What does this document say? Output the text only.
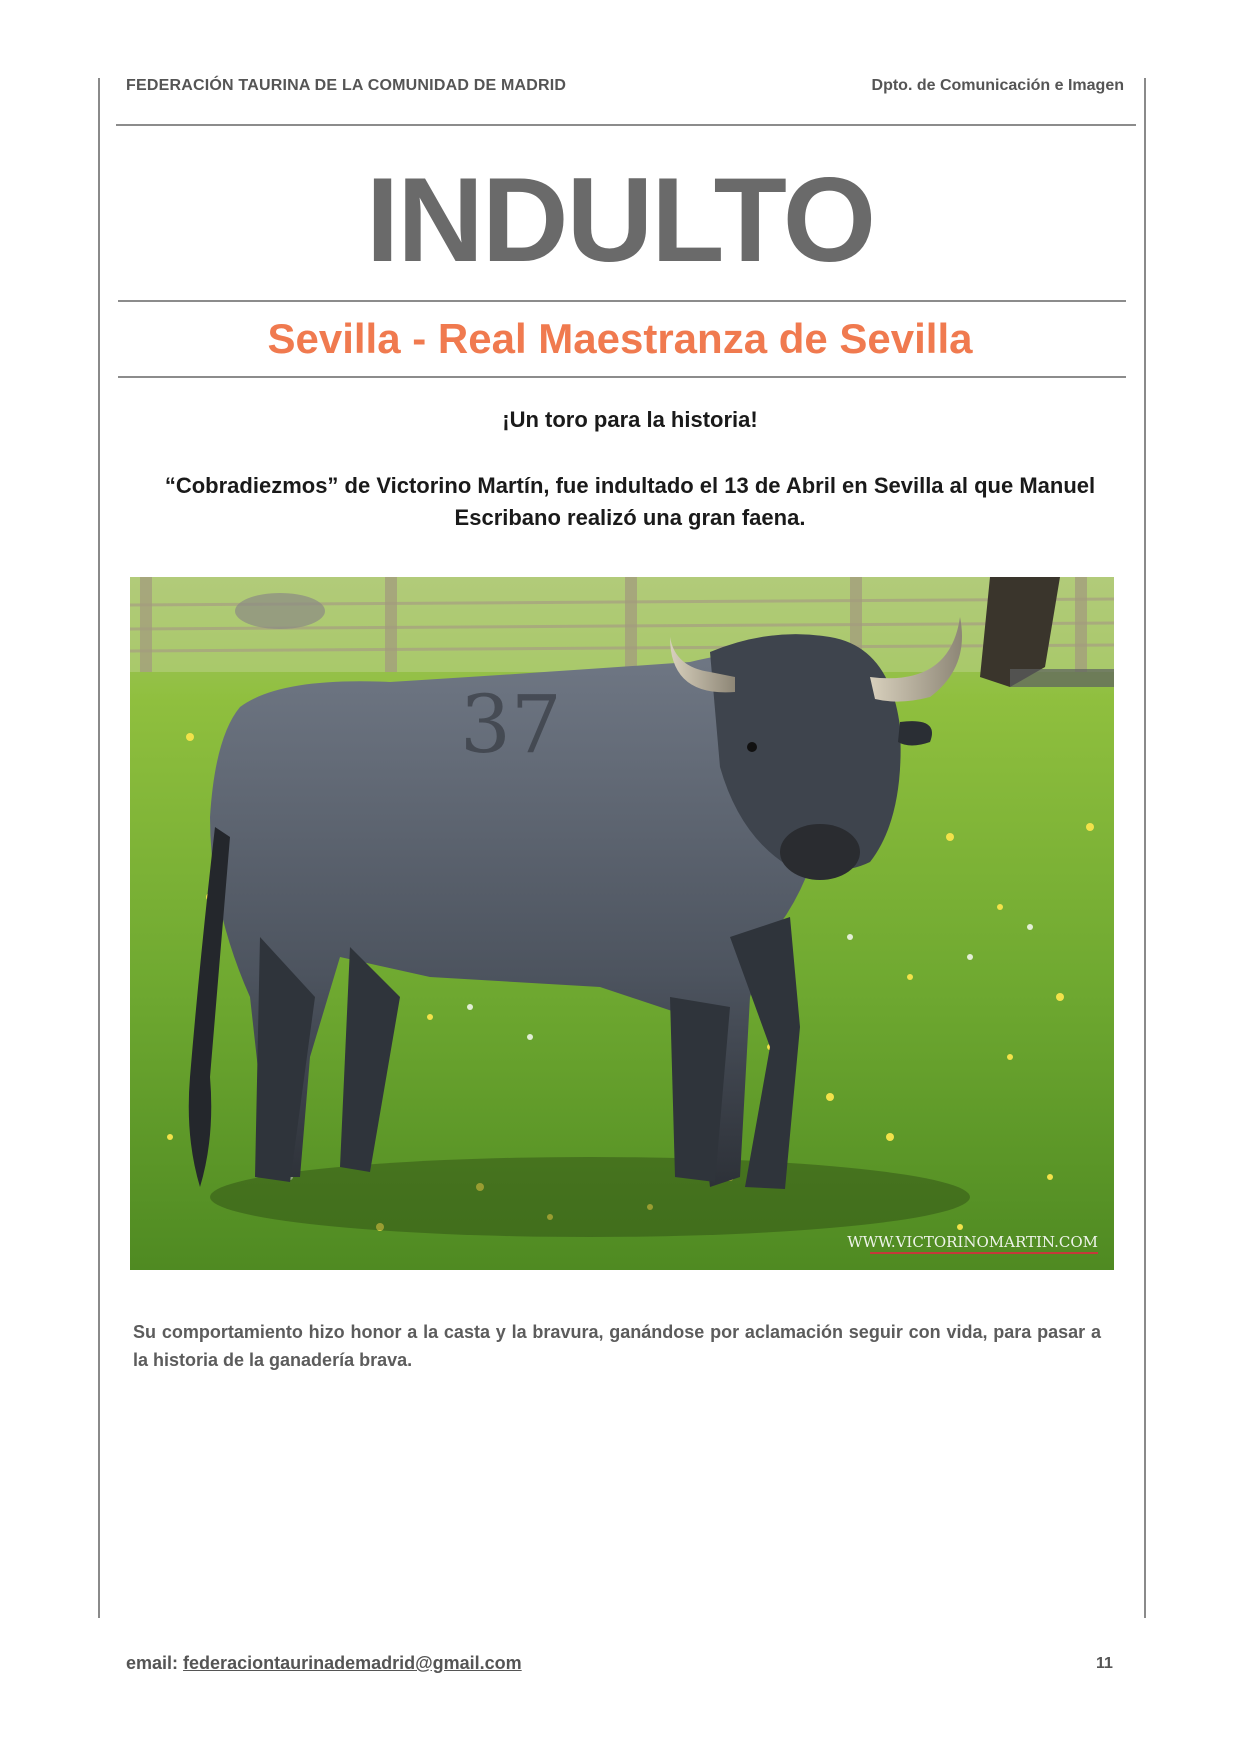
FEDERACIÓN TAURINA DE LA COMUNIDAD DE MADRID	Dpto. de Comunicación e Imagen
INDULTO
Sevilla - Real Maestranza de Sevilla
¡Un toro para la historia!
“Cobradiezmos” de Victorino Martín, fue indultado el 13 de Abril en Sevilla al que Manuel Escribano realizó una gran faena.
37
WWW.VICTORINOMARTIN.COM
Su comportamiento hizo honor a la casta y la bravura, ganándose por aclamación seguir con vida, para pasar a la historia de la ganadería brava.
email: federaciontaurinademadrid@gmail.com	11
